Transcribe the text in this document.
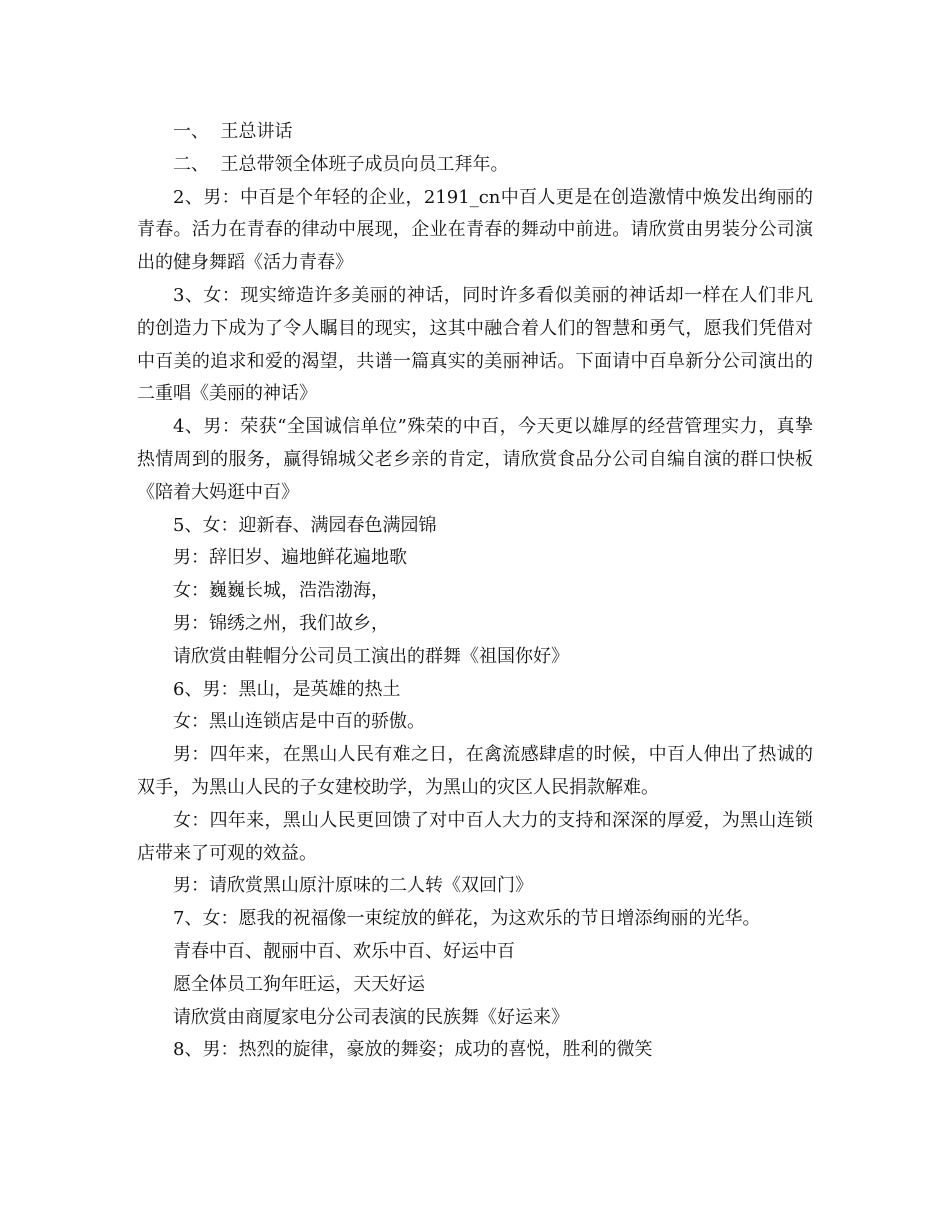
一、  王总讲话

二、  王总带领全体班子成员向员工拜年。

2、男：中百是个年轻的企业，2191_cn中百人更是在创造激情中焕发出绚丽的青春。活力在青春的律动中展现，企业在青春的舞动中前进。请欣赏由男装分公司演出的健身舞蹈《活力青春》

3、女：现实缔造许多美丽的神话，同时许多看似美丽的神话却一样在人们非凡的创造力下成为了令人瞩目的现实，这其中融合着人们的智慧和勇气，愿我们凭借对中百美的追求和爱的渴望，共谱一篇真实的美丽神话。下面请中百阜新分公司演出的二重唱《美丽的神话》

4、男：荣获“全国诚信单位”殊荣的中百，今天更以雄厚的经营管理实力，真挚热情周到的服务，赢得锦城父老乡亲的肯定，请欣赏食品分公司自编自演的群口快板《陪着大妈逛中百》

5、女：迎新春、满园春色满园锦

男：辞旧岁、遍地鲜花遍地歌

女：巍巍长城，浩浩渤海，

男：锦绣之州，我们故乡，

请欣赏由鞋帽分公司员工演出的群舞《祖国你好》

6、男：黑山，是英雄的热土

女：黑山连锁店是中百的骄傲。

男：四年来，在黑山人民有难之日，在禽流感肆虐的时候，中百人伸出了热诚的双手，为黑山人民的子女建校助学，为黑山的灾区人民捐款解难。

女：四年来，黑山人民更回馈了对中百人大力的支持和深深的厚爱，为黑山连锁店带来了可观的效益。

男：请欣赏黑山原汁原味的二人转《双回门》

7、女：愿我的祝福像一束绽放的鲜花，为这欢乐的节日增添绚丽的光华。

青春中百、靓丽中百、欢乐中百、好运中百

愿全体员工狗年旺运，天天好运

请欣赏由商厦家电分公司表演的民族舞《好运来》

8、男：热烈的旋律，豪放的舞姿；成功的喜悦，胜利的微笑
